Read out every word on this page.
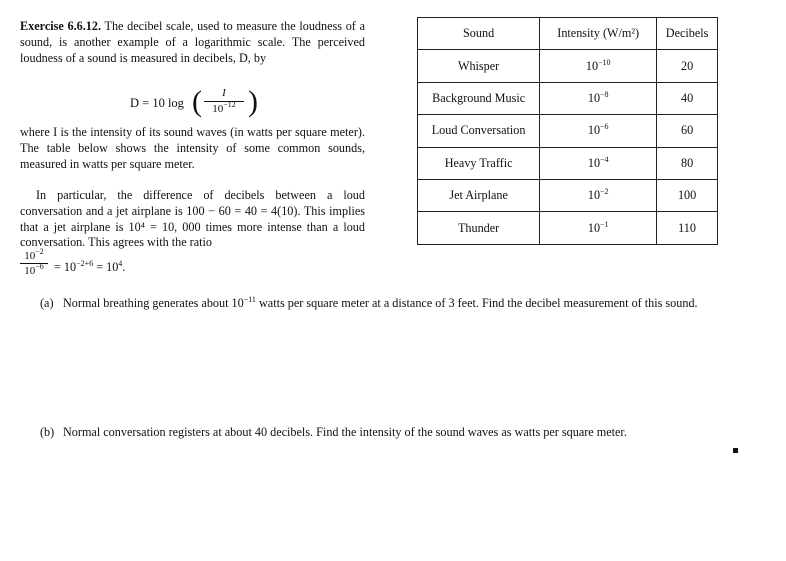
Exercise 6.6.12. The decibel scale, used to measure the loudness of a sound, is another example of a logarithmic scale. The perceived loudness of a sound is measured in decibels, D, by
D = 10 log (	I
$10^{-12}$ )
where I is the intensity of its sound waves (in watts per square meter). The table below shows the intensity of some common sounds, measured in watts per square meter.
In particular, the difference of decibels between a loud conversation and a jet airplane is 100 − 60 = 40 = 4(10). This implies that a jet airplane is 10⁴ = 10, 000 times more intense than a loud conversation. This agrees with the ratio
$10^{-2}$
$10^{-6} = 10^{-2+6} = 10^4$.
Sound	Intensity (W/m²)	Decibels
Whisper	$10^{-10}$	20
Background Music	$10^{-8}$	40
Loud Conversation	$10^{-6}$	60
Heavy Traffic	$10^{-4}$	80
Jet Airplane	$10^{-2}$	100
Thunder	$10^{-1}$	110
(a) Normal breathing generates about $10^{-11}$ watts per square meter at a distance of 3 feet. Find the decibel measurement of this sound.
(b) Normal conversation registers at about 40 decibels. Find the intensity of the sound waves as watts per square meter.
